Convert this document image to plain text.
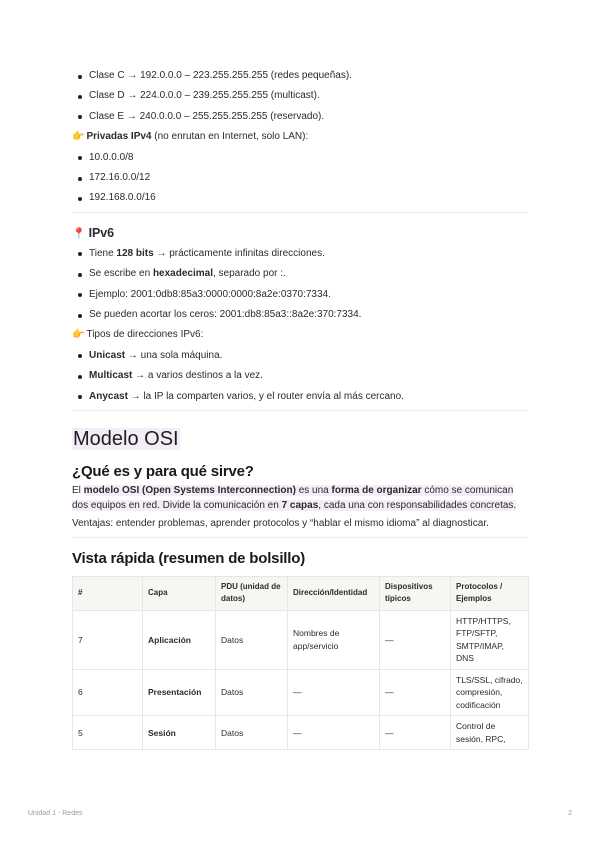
Clase C → 192.0.0.0 – 223.255.255.255 (redes pequeñas).
Clase D → 224.0.0.0 – 239.255.255.255 (multicast).
Clase E → 240.0.0.0 – 255.255.255.255 (reservado).
👉 Privadas IPv4 (no enrutan en Internet, solo LAN):
10.0.0.0/8
172.16.0.0/12
192.168.0.0/16
📍 IPv6
Tiene 128 bits → prácticamente infinitas direcciones.
Se escribe en hexadecimal, separado por :.
Ejemplo: 2001:0db8:85a3:0000:0000:8a2e:0370:7334.
Se pueden acortar los ceros: 2001:db8:85a3::8a2e:370:7334.
👉 Tipos de direcciones IPv6:
Unicast → una sola máquina.
Multicast → a varios destinos a la vez.
Anycast → la IP la comparten varios, y el router envía al más cercano.
Modelo OSI
¿Qué es y para qué sirve?
El modelo OSI (Open Systems Interconnection) es una forma de organizar cómo se comunican dos equipos en red. Divide la comunicación en 7 capas, cada una con responsabilidades concretas.
Ventajas: entender problemas, aprender protocolos y “hablar el mismo idioma” al diagnosticar.
Vista rápida (resumen de bolsillo)
#	Capa	PDU (unidad de datos)	Dirección/Identidad	Dispositivos típicos	Protocolos / Ejemplos
7	Aplicación	Datos	Nombres de app/servicio	—	HTTP/HTTPS, FTP/SFTP, SMTP/IMAP, DNS
6	Presentación	Datos	—	—	TLS/SSL, cifrado, compresión, codificación
5	Sesión	Datos	—	—	Control de sesión, RPC,
Unidad 1 - Redes	2
